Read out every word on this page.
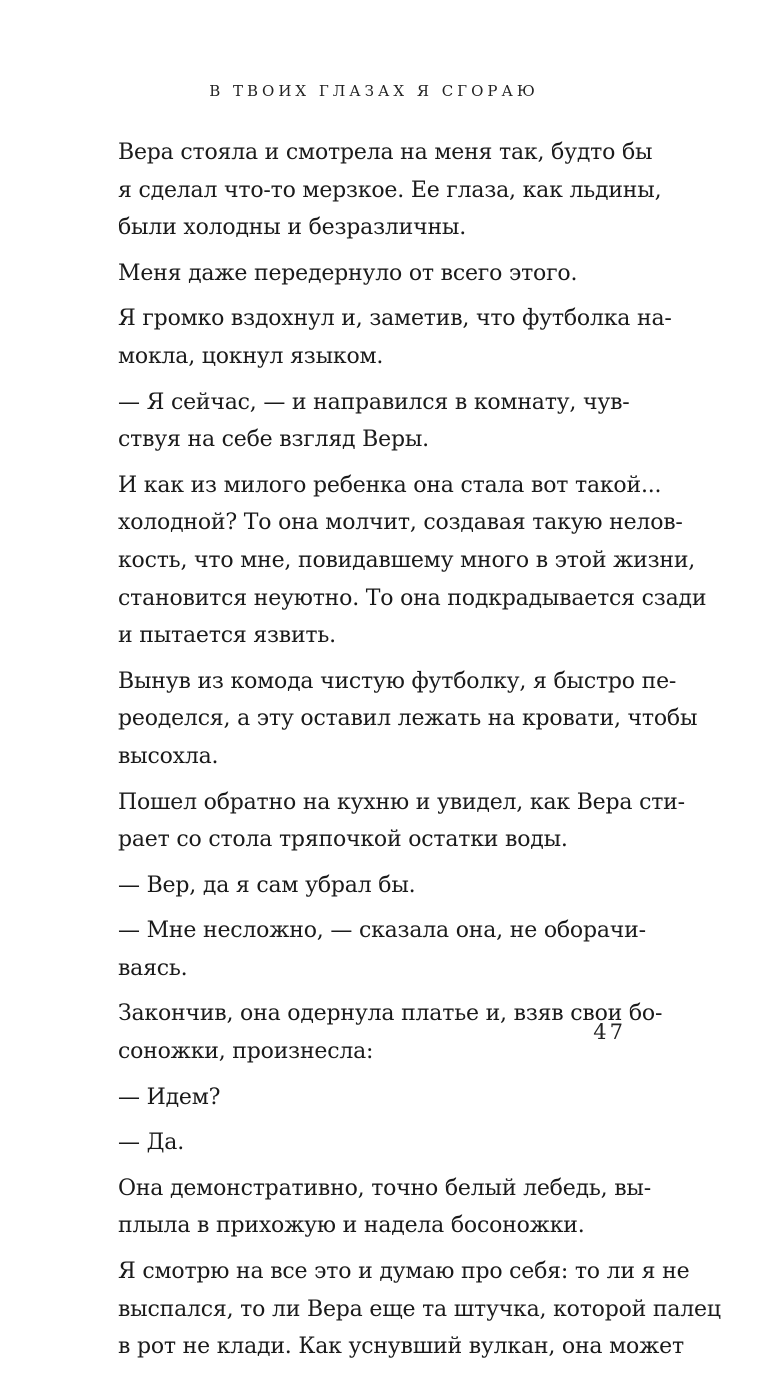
В ТВОИХ ГЛАЗАХ Я СГОРАЮ
Вера стояла и смотрела на меня так, будто бы
я сделал что-то мерзкое. Ее глаза, как льдины,
были холодны и безразличны.
Меня даже передернуло от всего этого.
Я громко вздохнул и, заметив, что футболка на-
мокла, цокнул языком.
— Я сейчас, — и направился в комнату, чув-
ствуя на себе взгляд Веры.
И как из милого ребенка она стала вот такой...
холодной? То она молчит, создавая такую нелов-
кость, что мне, повидавшему много в этой жизни,
становится неуютно. То она подкрадывается сзади
и пытается язвить.
Вынув из комода чистую футболку, я быстро пе-
реоделся, а эту оставил лежать на кровати, чтобы
высохла.
Пошел обратно на кухню и увидел, как Вера сти-
рает со стола тряпочкой остатки воды.
— Вер, да я сам убрал бы.
— Мне несложно, — сказала она, не оборачи-
ваясь.
Закончив, она одернула платье и, взяв свои бо-
соножки, произнесла:
— Идем?
— Да.
Она демонстративно, точно белый лебедь, вы-
плыла в прихожую и надела босоножки.
Я смотрю на все это и думаю про себя: то ли я не
выспался, то ли Вера еще та штучка, которой палец
в рот не клади. Как уснувший вулкан, она может
47
